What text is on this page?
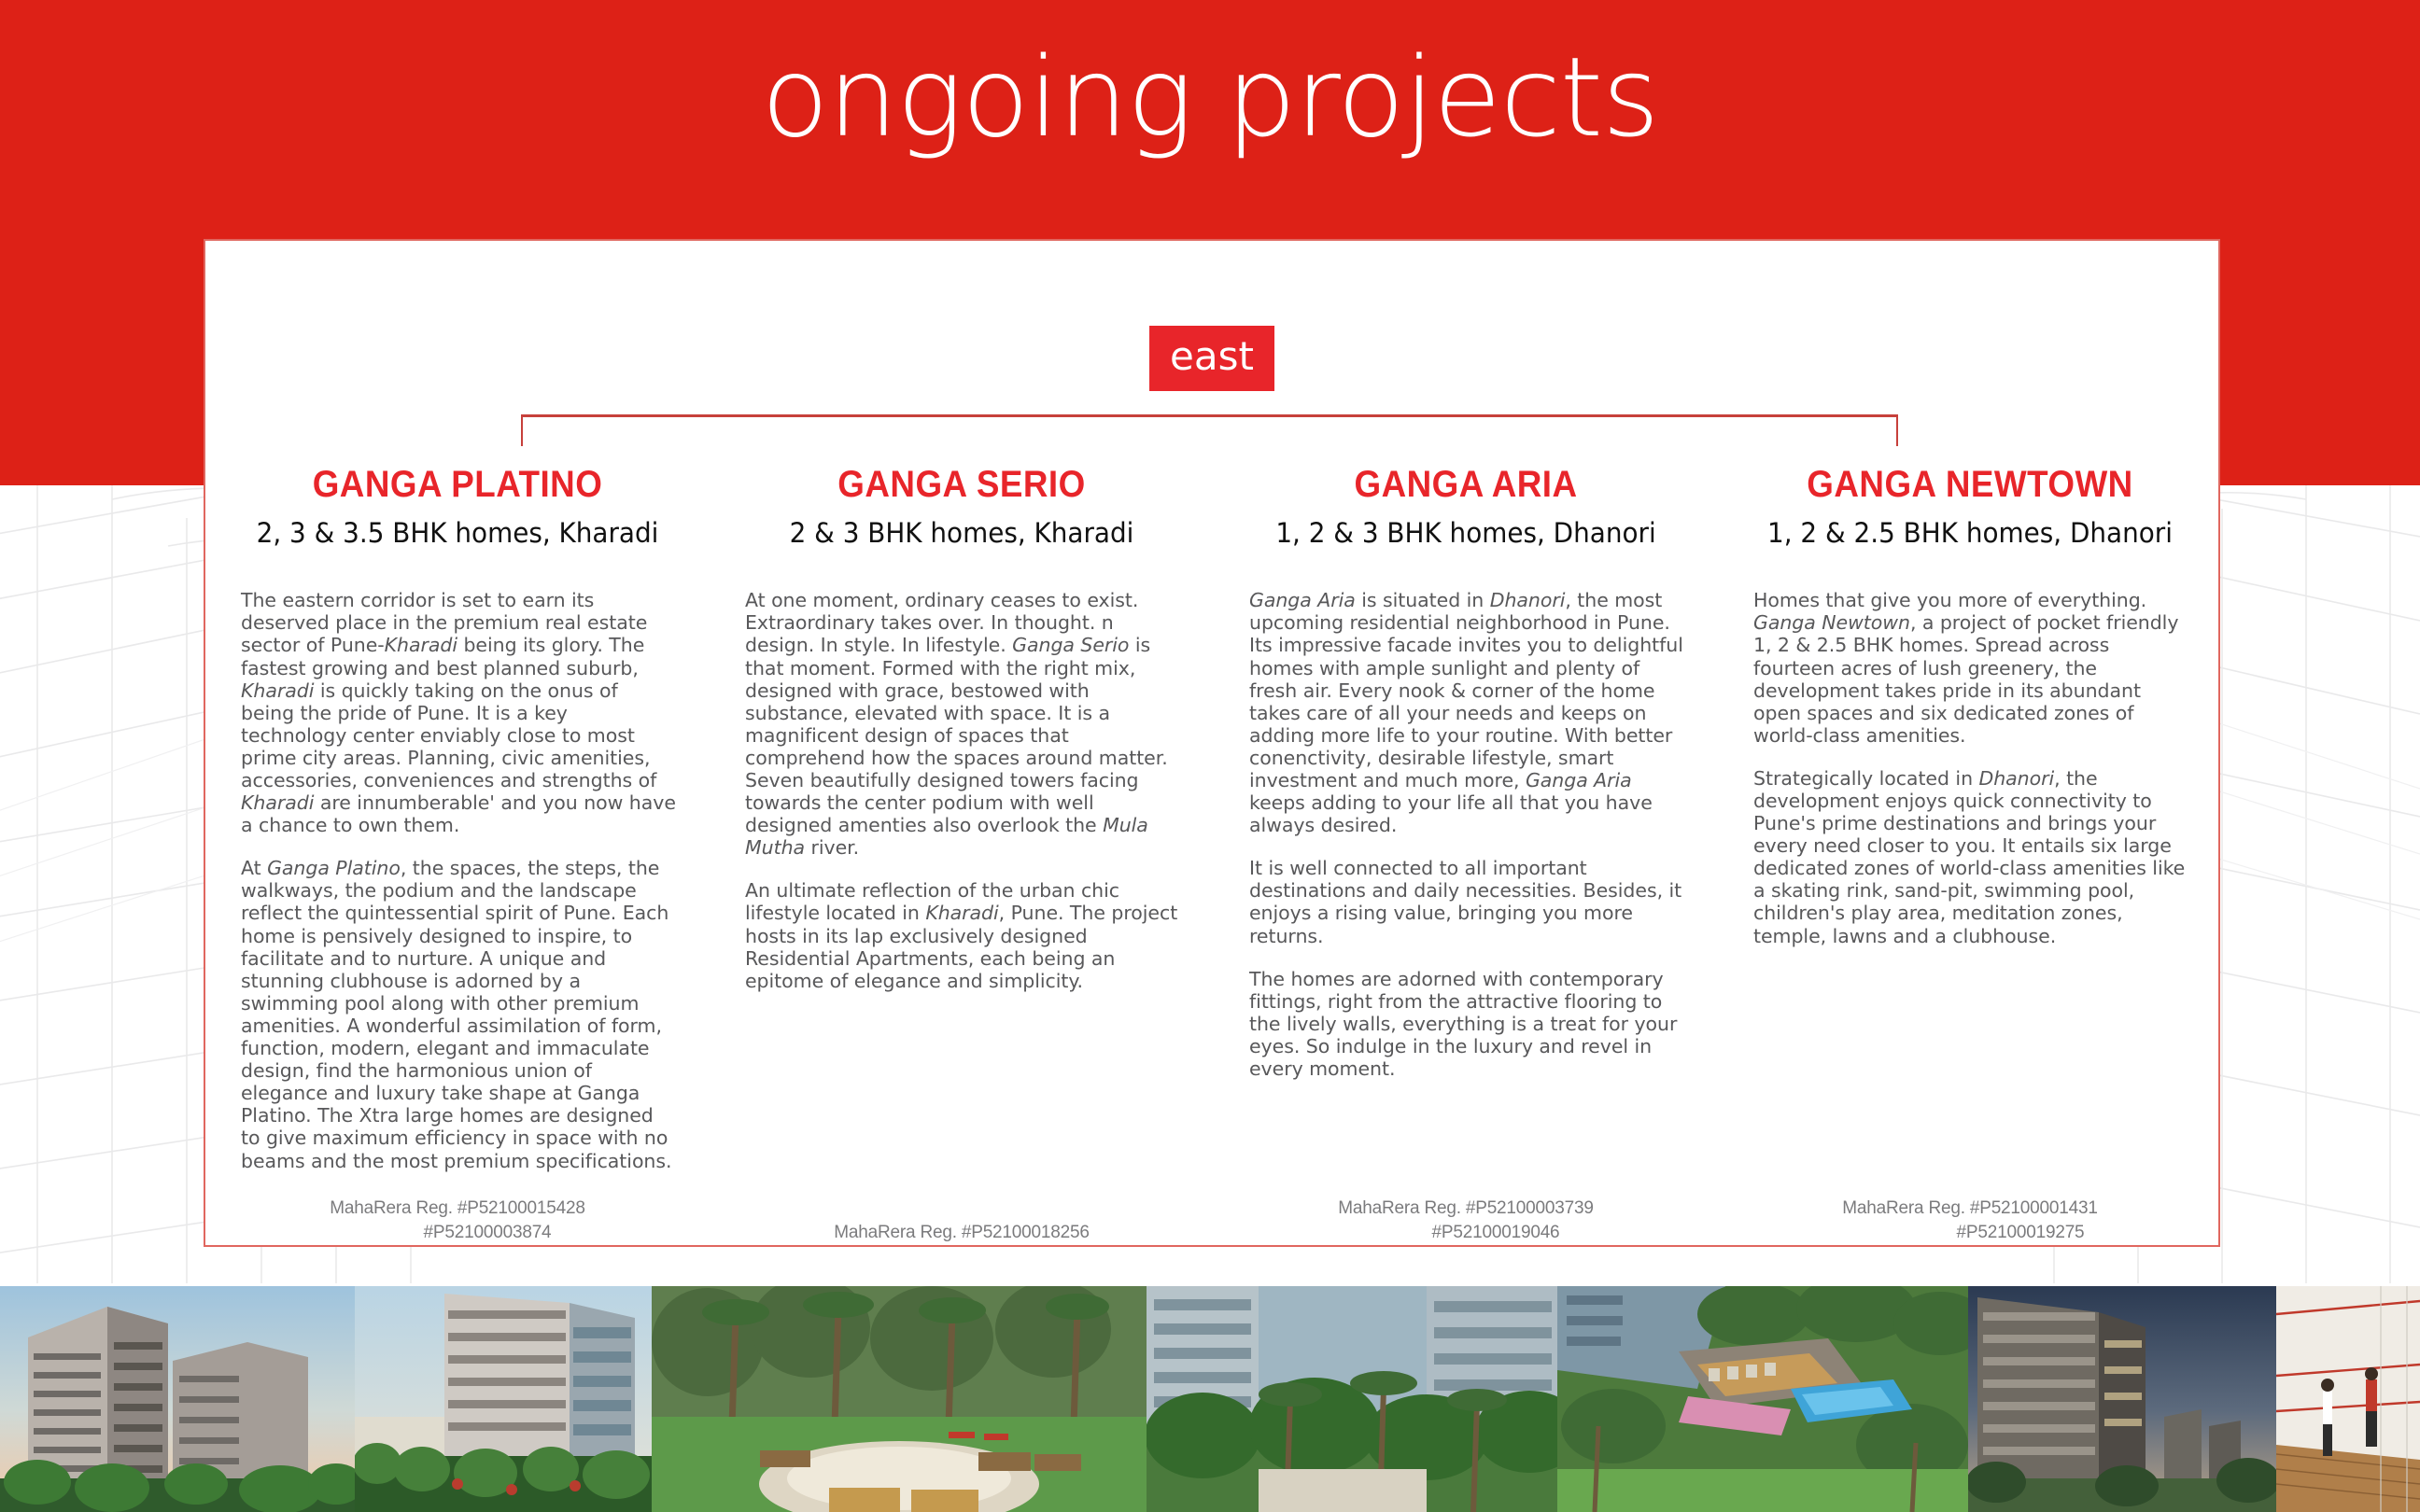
ongoing projects
east
GANGA PLATINO
2, 3 & 3.5 BHK homes, Kharadi

The eastern corridor is set to earn its deserved place in the premium real estate sector of Pune-Kharadi being its glory. The fastest growing and best planned suburb, Kharadi is quickly taking on the onus of being the pride of Pune. It is a key technology center enviably close to most prime city areas. Planning, civic amenities, accessories, conveniences and strengths of Kharadi are innumberable' and you now have a chance to own them.

At Ganga Platino, the spaces, the steps, the walkways, the podium and the landscape reflect the quintessential spirit of Pune. Each home is pensively designed to inspire, to facilitate and to nurture. A unique and stunning clubhouse is adorned by a swimming pool along with other premium amenities. A wonderful assimilation of form, function, modern, elegant and immaculate design, find the harmonious union of elegance and luxury take shape at Ganga Platino. The Xtra large homes are designed to give maximum efficiency in space with no beams and the most premium specifications.

MahaRera Reg. #P52100015428
#P52100003874
GANGA SERIO
2 & 3 BHK homes, Kharadi

At one moment, ordinary ceases to exist. Extraordinary takes over. In thought. n design. In style. In lifestyle. Ganga Serio is that moment. Formed with the right mix, designed with grace, bestowed with substance, elevated with space. It is a magnificent design of spaces that comprehend how the spaces around matter. Seven beautifully designed towers facing towards the center podium with well designed amenties also overlook the Mula Mutha river.

An ultimate reflection of the urban chic lifestyle located in Kharadi, Pune. The project hosts in its lap exclusively designed Residential Apartments, each being an epitome of elegance and simplicity.

MahaRera Reg. #P52100018256
GANGA ARIA
1, 2 & 3 BHK homes, Dhanori

Ganga Aria is situated in Dhanori, the most upcoming residential neighborhood in Pune. Its impressive facade invites you to delightful homes with ample sunlight and plenty of fresh air. Every nook & corner of the home takes care of all your needs and keeps on adding more life to your routine. With better conenctivity, desirable lifestyle, smart investment and much more, Ganga Aria keeps adding to your life all that you have always desired.

It is well connected to all important destinations and daily necessities. Besides, it enjoys a rising value, bringing you more returns.

The homes are adorned with contemporary fittings, right from the attractive flooring to the lively walls, everything is a treat for your eyes. So indulge in the luxury and revel in every moment.

MahaRera Reg. #P52100003739
#P52100019046
GANGA NEWTOWN
1, 2 & 2.5 BHK homes, Dhanori

Homes that give you more of everything. Ganga Newtown, a project of pocket friendly 1, 2 & 2.5 BHK homes. Spread across fourteen acres of lush greenery, the development takes pride in its abundant open spaces and six dedicated zones of world-class amenities.

Strategically located in Dhanori, the development enjoys quick connectivity to Pune's prime destinations and brings your every need closer to you. It entails six large dedicated zones of world-class amenities like a skating rink, sand-pit, swimming pool, children's play area, meditation zones, temple, lawns and a clubhouse.

MahaRera Reg. #P52100001431
#P52100019275
